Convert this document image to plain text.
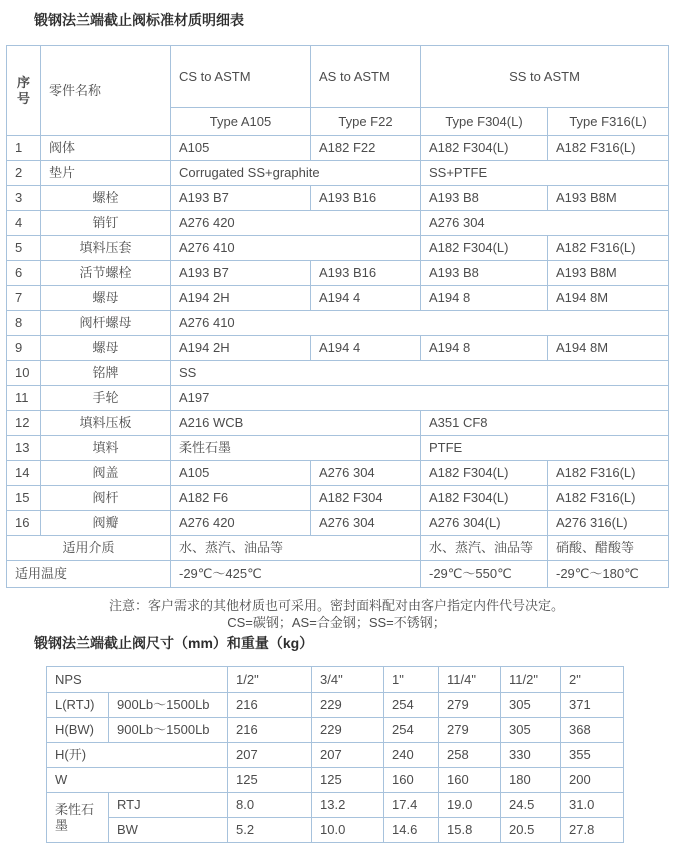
锻钢法兰端截止阀标准材质明细表
序号	零件名称	CS to ASTM	AS to ASTM	SS to ASTM	
		Type A105	Type F22	Type F304(L)	Type F316(L)
1	阀体	A105	A182 F22	A182 F304(L)	A182 F316(L)
2	垫片	Corrugated SS+graphite		SS+PTFE	
3	螺栓	A193 B7	A193 B16	A193 B8	A193 B8M
4	销钉	A276 420		A276 304	
5	填料压套	A276 410		A182 F304(L)	A182 F316(L)
6	活节螺栓	A193 B7	A193 B16	A193 B8	A193 B8M
7	螺母	A194 2H	A194 4	A194 8	A194 8M
8	阀杆螺母	A276 410			
9	螺母	A194 2H	A194 4	A194 8	A194 8M
10	铭牌	SS			
11	手轮	A197			
12	填料压板	A216 WCB		A351 CF8	
13	填料	柔性石墨		PTFE	
14	阀盖	A105	A276 304	A182 F304(L)	A182 F316(L)
15	阀杆	A182 F6	A182 F304	A182 F304(L)	A182 F316(L)
16	阀瓣	A276 420	A276 304	A276 304(L)	A276 316(L)
适用介质		水、蒸汽、油品等		水、蒸汽、油品等	硝酸、醋酸等
适用温度		-29℃～425℃		-29℃～550℃	-29℃～180℃
注意：客户需求的其他材质也可采用。密封面料配对由客户指定内件代号决定。
CS=碳钢；AS=合金钢；SS=不锈钢；
锻钢法兰端截止阀尺寸（mm）和重量（kg）
NPS		1/2"	3/4"	1"	11/4"	11/2"	2"
L(RTJ)	900Lb～1500Lb	216	229	254	279	305	371
H(BW)	900Lb～1500Lb	216	229	254	279	305	368
H(开)		207	207	240	258	330	355
W		125	125	160	160	180	200
柔性石墨	RTJ	8.0	13.2	17.4	19.0	24.5	31.0
	BW	5.2	10.0	14.6	15.8	20.5	27.8
